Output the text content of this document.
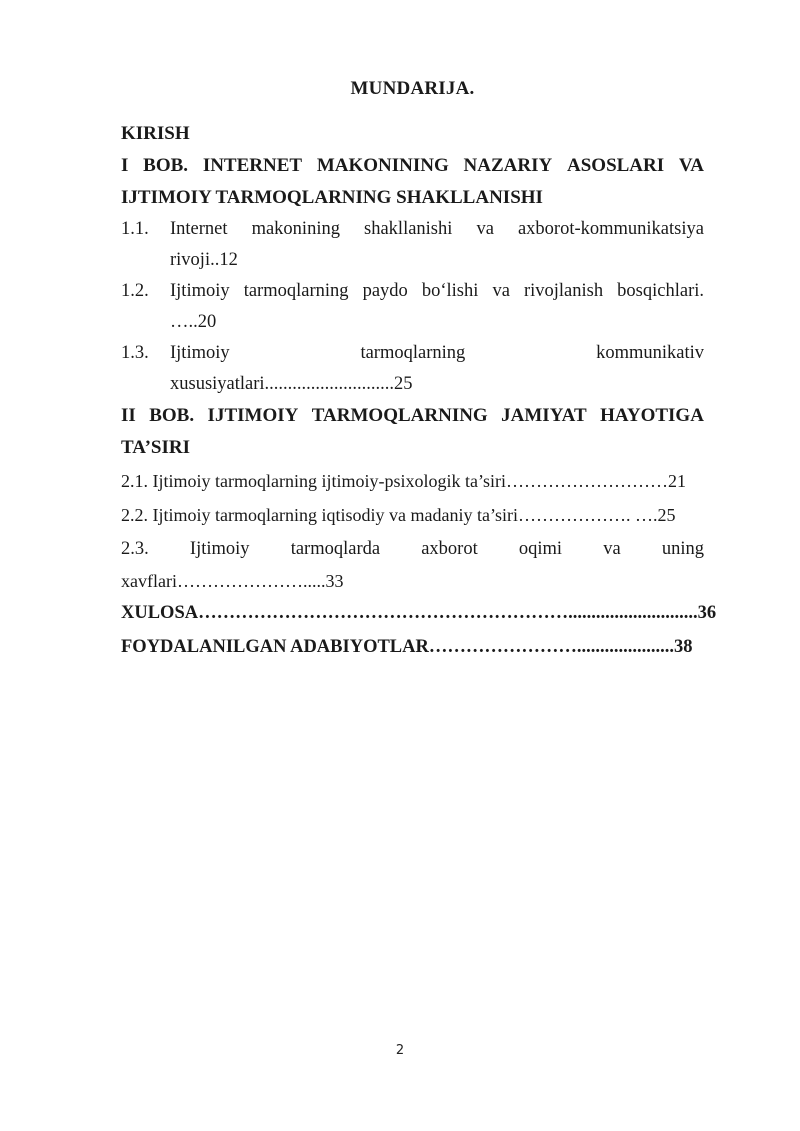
MUNDARIJA.

KIRISH

I BOB. INTERNET MAKONINING NAZARIY ASOSLARI VA

IJTIMOIY TARMOQLARNING SHAKLLANISHI

1.1.	Internet makonining shakllanishi va axborot-kommunikatsiya
rivoji..12
1.2.	Ijtimoiy tarmoqlarning paydo bo‘lishi va rivojlanish bosqichlari.
…..20
1.3.	Ijtimoiy	tarmoqlarning	kommunikativ
xususiyatlari............................25
II BOB. IJTIMOIY TARMOQLARNING JAMIYAT HAYOTIGA

TA’SIRI

2.1. Ijtimoiy tarmoqlarning ijtimoiy-psixologik ta’siri………………………21

2.2. Ijtimoiy tarmoqlarning iqtisodiy va madaniy ta’siri………………. ….25

2.3. Ijtimoiy tarmoqlarda axborot oqimi va uning

xavflari………………….....33

XULOSA……………………………………………………............................36

FOYDALANILGAN ADABIYOTLAR…………………….....................38

2
